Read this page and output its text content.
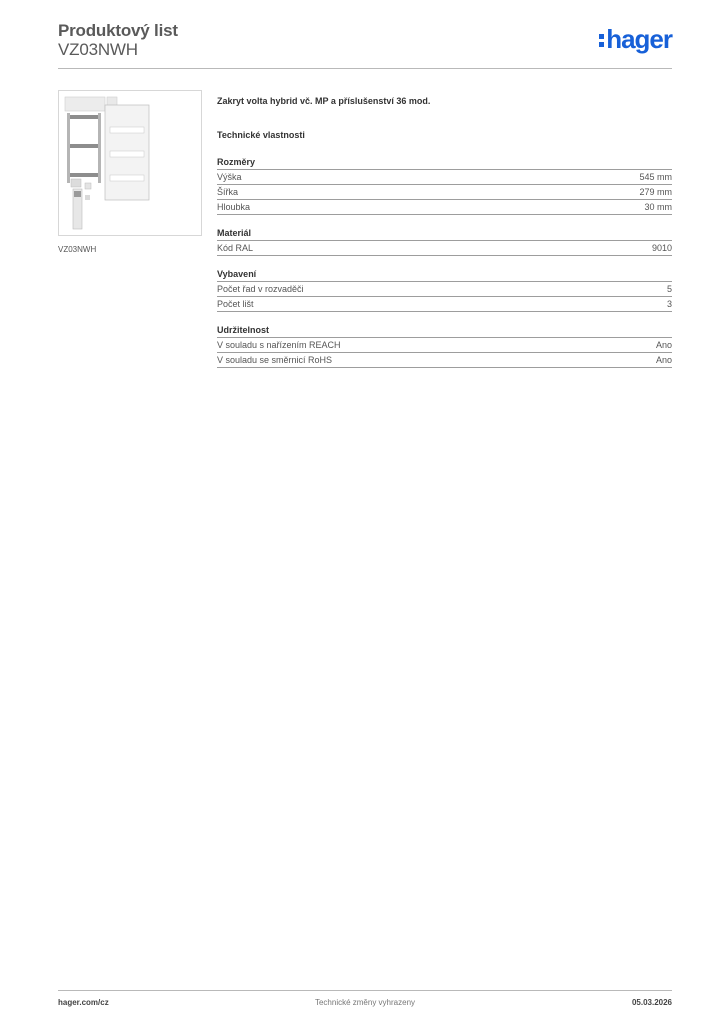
Produktový list
VZ03NWH	hager
VZ03NWH
Zakryt volta hybrid vč. MP a příslušenství 36 mod.
Technické vlastnosti
Rozměry
Výška	545 mm
Šířka	279 mm
Hloubka	30 mm
Materiál
Kód RAL	9010
Vybavení
Počet řad v rozvaděči	5
Počet lišt	3
Udržitelnost
V souladu s nařízením REACH	Ano
V souladu se směrnicí RoHS	Ano
hager.com/cz	Technické změny vyhrazeny	05.03.2026
